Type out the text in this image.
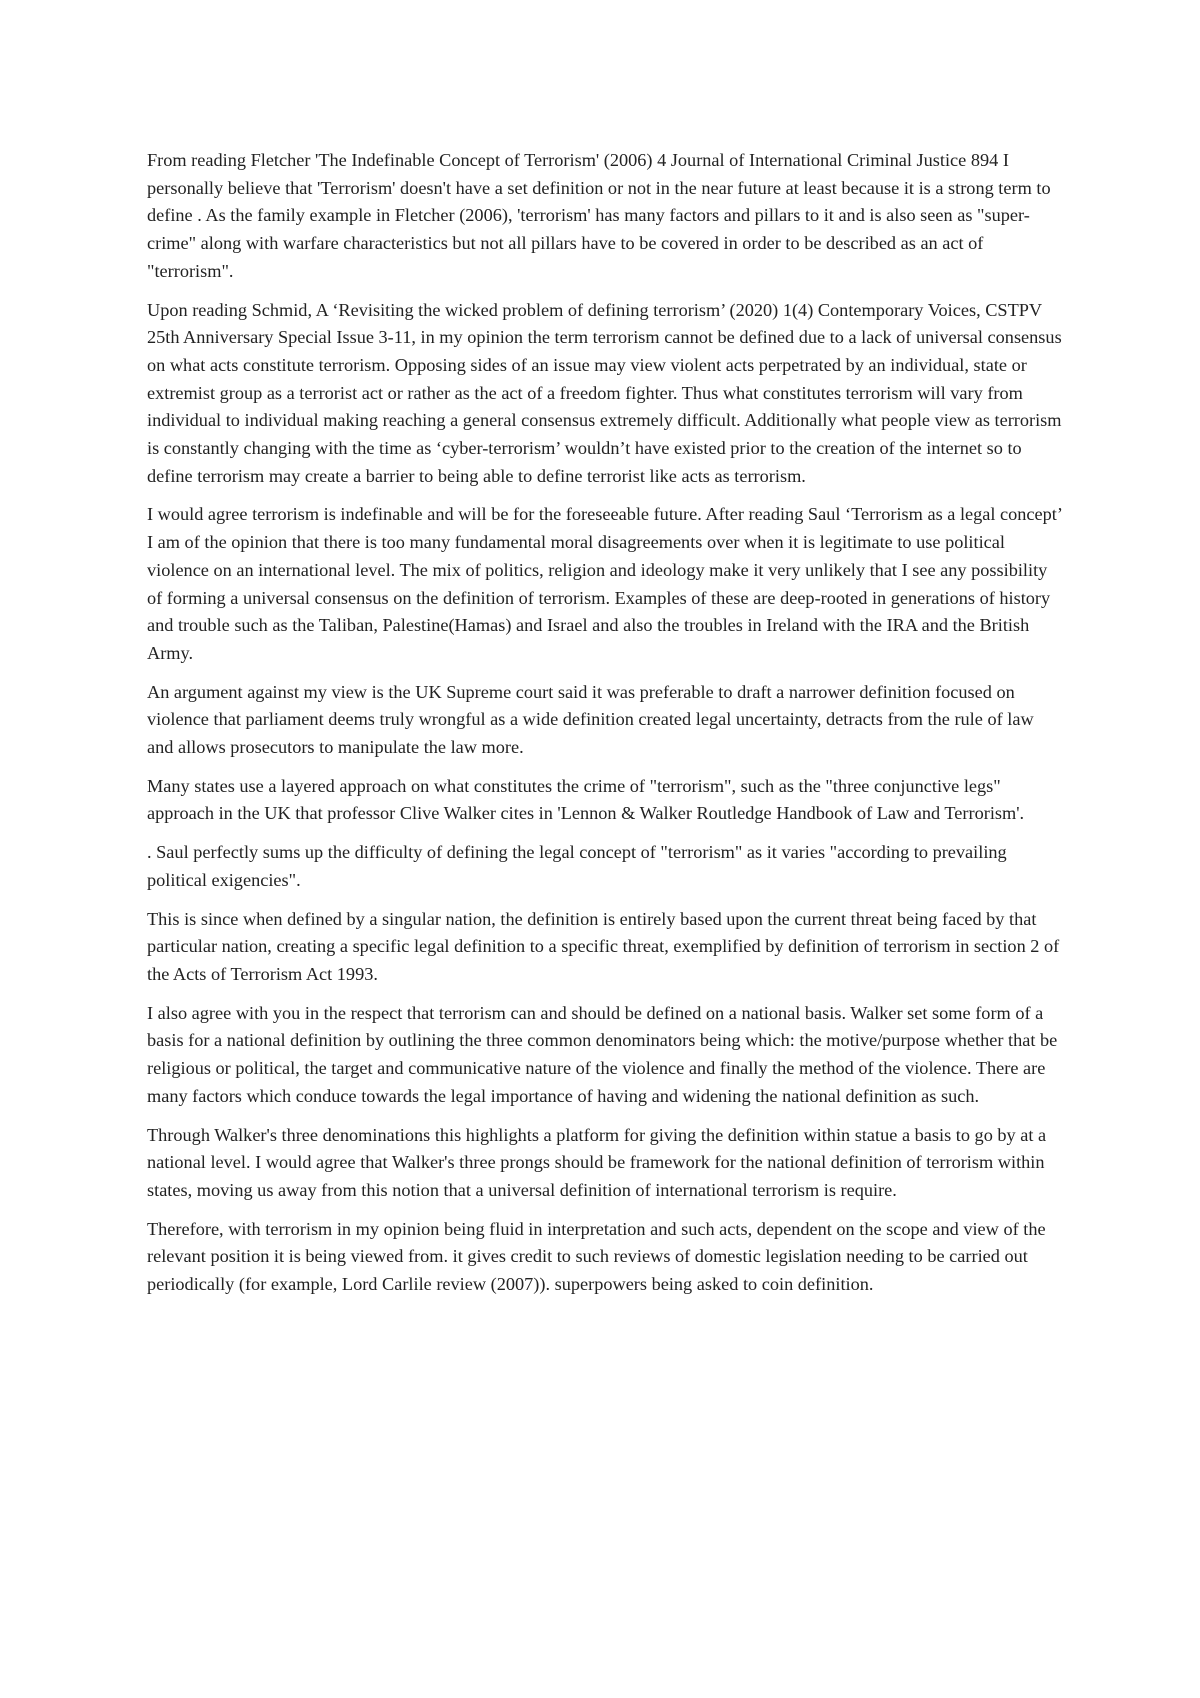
From reading Fletcher 'The Indefinable Concept of Terrorism' (2006) 4 Journal of International Criminal Justice 894 I personally believe that 'Terrorism' doesn't have a set definition or not in the near future at least because it is a strong term to define . As the family example in Fletcher (2006), 'terrorism' has many factors and pillars to it and is also seen as "super-crime" along with warfare characteristics but not all pillars have to be covered in order to be described as an act of "terrorism".

Upon reading Schmid, A ‘Revisiting the wicked problem of defining terrorism’ (2020) 1(4) Contemporary Voices, CSTPV 25th Anniversary Special Issue 3-11, in my opinion the term terrorism cannot be defined due to a lack of universal consensus on what acts constitute terrorism. Opposing sides of an issue may view violent acts perpetrated by an individual, state or extremist group as a terrorist act or rather as the act of a freedom fighter. Thus what constitutes terrorism will vary from individual to individual making reaching a general consensus extremely difficult. Additionally what people view as terrorism is constantly changing with the time as ‘cyber-terrorism’ wouldn’t have existed prior to the creation of the internet so to define terrorism may create a barrier to being able to define terrorist like acts as terrorism.

I would agree terrorism is indefinable and will be for the foreseeable future. After reading Saul ‘Terrorism as a legal concept’ I am of the opinion that there is too many fundamental moral disagreements over when it is legitimate to use political violence on an international level. The mix of politics, religion and ideology make it very unlikely that I see any possibility of forming a universal consensus on the definition of terrorism. Examples of these are deep-rooted in generations of history and trouble such as the Taliban, Palestine(Hamas) and Israel and also the troubles in Ireland with the IRA and the British Army.

An argument against my view is the UK Supreme court said it was preferable to draft a narrower definition focused on violence that parliament deems truly wrongful as a wide definition created legal uncertainty, detracts from the rule of law and allows prosecutors to manipulate the law more.

Many states use a layered approach on what constitutes the crime of "terrorism", such as the "three conjunctive legs" approach in the UK that professor Clive Walker cites in 'Lennon & Walker Routledge Handbook of Law and Terrorism'.

. Saul perfectly sums up the difficulty of defining the legal concept of "terrorism" as it varies "according to prevailing political exigencies".

This is since when defined by a singular nation, the definition is entirely based upon the current threat being faced by that particular nation, creating a specific legal definition to a specific threat, exemplified by definition of terrorism in section 2 of the Acts of Terrorism Act 1993.

I also agree with you in the respect that terrorism can and should be defined on a national basis. Walker set some form of a basis for a national definition by outlining the three common denominators being which: the motive/purpose whether that be religious or political, the target and communicative nature of the violence and finally the method of the violence. There are many factors which conduce towards the legal importance of having and widening the national definition as such.

Through Walker's three denominations this highlights a platform for giving the definition within statue a basis to go by at a national level. I would agree that Walker's three prongs should be framework for the national definition of terrorism within states, moving us away from this notion that a universal definition of international terrorism is require.

Therefore, with terrorism in my opinion being fluid in interpretation and such acts, dependent on the scope and view of the relevant position it is being viewed from. it gives credit to such reviews of domestic legislation needing to be carried out periodically (for example, Lord Carlile review (2007)). superpowers being asked to coin definition.
